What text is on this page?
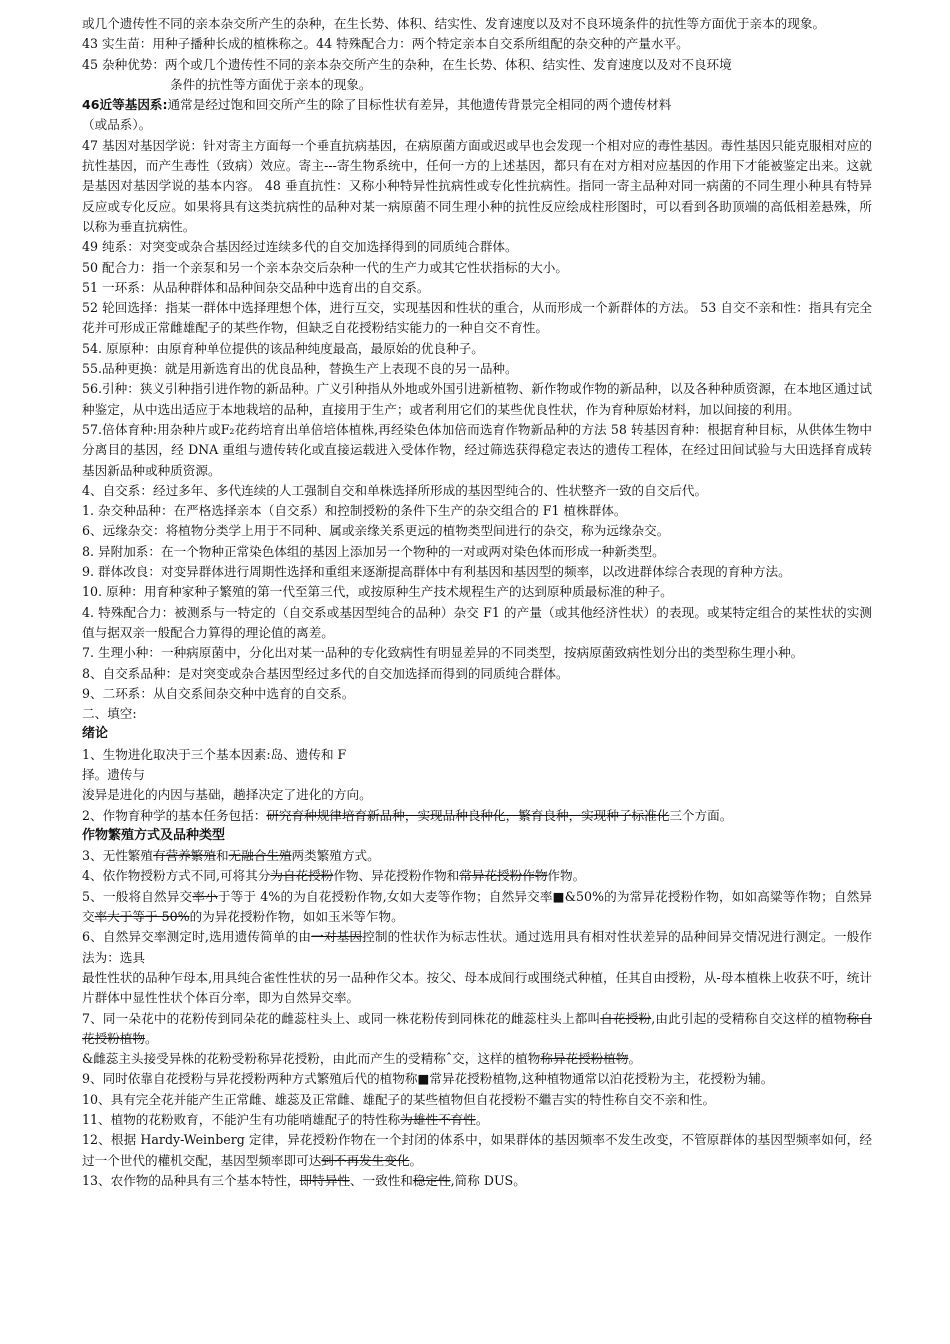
或几个遗传性不同的亲本杂交所产生的杂种，在生长势、体积、结实性、发育速度以及对不良环境条件的抗性等方面优于亲本的现象。

43 实生苗：用种子播种长成的植株称之。44 特殊配合力：两个特定亲本自交系所组配的杂交种的产量水平。

45 杂种优势：两个或几个遗传性不同的亲本杂交所产生的杂种，在生长势、体积、结实性、发育速度以及对不良环境

条件的抗性等方面优于亲本的现象。

46近等基因系:通常是经过饱和回交所产生的除了目标性状有差异，其他遗传背景完全相同的两个遗传材料

（或品系）。

47 基因对基因学说：针对寄主方面每一个垂直抗病基因，在病原菌方面或迟或早也会发现一个相对应的毒性基因。毒性基因只能克服相对应的抗性基因，而产生毒性（致病）效应。寄主---寄生物系统中，任何一方的上述基因，都只有在对方相对应基因的作用下才能被鉴定出来。这就是基因对基因学说的基本内容。 48 垂直抗性：又称小种特异性抗病性或专化性抗病性。指同一寄主品种对同一病菌的不同生理小种具有特异反应或专化反应。如果将具有这类抗病性的品种对某一病原菌不同生理小种的抗性反应绘成柱形图时，可以看到各助顶端的高低相差悬殊，所以称为垂直抗病性。

49 纯系：对突变或杂合基因经过连续多代的自交加选择得到的同质纯合群体。

50 配合力：指一个亲泵和另一个亲本杂交后杂种一代的生产力或其它性状指标的大小。

51 一环系：从品种群体和品种间杂交品种中选育出的自交系。

52 轮回选择：指某一群体中选择理想个体，进行互交，实现基因和性状的重合，从而形成一个新群体的方法。 53 自交不亲和性：指具有完全花并可形成正常雌雄配子的某些作物，但缺乏自花授粉结实能力的一种自交不育性。

54. 原原种：由原育种单位提供的该品种纯度最高，最原始的优良种子。

55.品种更换：就是用新选育出的优良品种，替换生产上表现不良的另一品种。

56.引种：狭义引种指引进作物的新品种。广义引种指从外地或外国引进新植物、新作物或作物的新品种，以及各种种质资源，在本地区通过试种鉴定，从中选出适应于本地栽培的品种，直接用于生产；或者利用它们的某些优良性状，作为育种原始材料，加以间接的利用。

57.倍体育种:用杂种片或F₂花药培育出单倍培体植株,再经染色体加倍而选育作物新品种的方法 58 转基因育种：根据育种目标，从供体生物中分离目的基因，经 DNA 重组与遗传转化或直接运载进入受体作物，经过筛选获得稳定表达的遗传工程体，在经过田间试验与大田选择育成转基因新品种或种质资源。

4、自交系：经过多年、多代连续的人工强制自交和单株选择所形成的基因型纯合的、性状整齐一致的自交后代。

1. 杂交种品种：在严格选择亲本（自交系）和控制授粉的条件下生产的杂交组合的 F1 植株群体。

6、远缘杂交：将植物分类学上用于不同种、属或亲缘关系更远的植物类型间进行的杂交，称为远缘杂交。

8. 异附加系：在一个物种正常染色体组的基因上添加另一个物种的一对或两对染色体而形成一种新类型。

9. 群体改良：对变异群体进行周期性选择和重组来逐渐提高群体中有利基因和基因型的频率，以改进群体综合表现的育种方法。

10. 原种：用育种家种子繁殖的第一代至第三代，或按原种生产技术规程生产的达到原种质最标准的种子。

4. 特殊配合力：被测系与一特定的（自交系或基因型纯合的品种）杂交 F1 的产量（或其他经济性状）的表现。或某特定组合的某性状的实测值与据双亲一般配合力算得的理论值的离差。

7. 生理小种：一种病原菌中，分化出对某一品种的专化致病性有明显差异的不同类型，按病原菌致病性划分出的类型称生理小种。

8、自交系品种：是对突变或杂合基因型经过多代的自交加选择而得到的同质纯合群体。

9、二环系：从自交系间杂交种中选育的自交系。

二、填空:

绪论

1、生物进化取决于三个基本因素:岛、遗传和 F

择。遗传与

浚异是进化的内因与基础，趟择决定了进化的方向。

2、作物育种学的基本任务包括：研究育种规律培育新品种，实现品种良种化，繁育良种，实现种子标准化三个方面。

作物繁殖方式及品种类型

3、无性繁殖有营养繁殖和无融合生殖两类繁殖方式。

4、依作物授粉方式不同,可将其分为自花授粉作物、异花授粉作物和常异花授粉作物作物。

5、一般将自然异交率小于等于 4%的为自花授粉作物,女如大麦等作物；自然异交率■&50%的为常异花授粉作物，如如高粱等作物；自然异交率大于等于 50%的为异花授粉作物，如如玉米等乍物。

6、自然异交率测定时,选用遗传简单的由一对基因控制的性状作为标志性状。通过选用具有相对性状差异的品种间异交情况进行测定。一般作法为：选具

最性性状的品种乍母本,用具纯合雀性性状的另一品种作父本。按父、母本成间行或围绕式种植，任其自由授粉，从-母本植株上收获不吁，统计片群体中显性性状个体百分率，即为自然异交率。

7、同一朵花中的花粉传到同朵花的雌蕊柱头上、或同一株花粉传到同株花的雌蕊柱头上都叫自花授粉,由此引起的受精称自交这样的植物称自花授粉植物。

&雌蕊主头接受异株的花粉受粉称异花授粉，由此而产生的受精称ˆ交，这样的植物称异花授粉植物。

9、同时依靠自花授粉与异花授粉两种方式繁殖后代的植物称■常异花授粉植物,这种植物通常以泊花授粉为主，花授粉为辅。

10、具有完全花并能产生正常雌、雄蕊及正常雌、雄配子的某些植物但自花授粉不繼吉实的特性称自交不亲和性。

11、植物的花粉败育，不能沪生有功能哨雄配子的特性称为雄性不育性。

12、根据 Hardy-Weinberg 定律，异花授粉作物在一个封闭的体系中，如果群体的基因频率不发生改变，不管原群体的基因型频率如何，经过一个世代的權机交配，基因型频率即可达到不再发生变化。

13、农作物的品种具有三个基本特性，即特异性、一致性和稳定性,简称 DUS。
